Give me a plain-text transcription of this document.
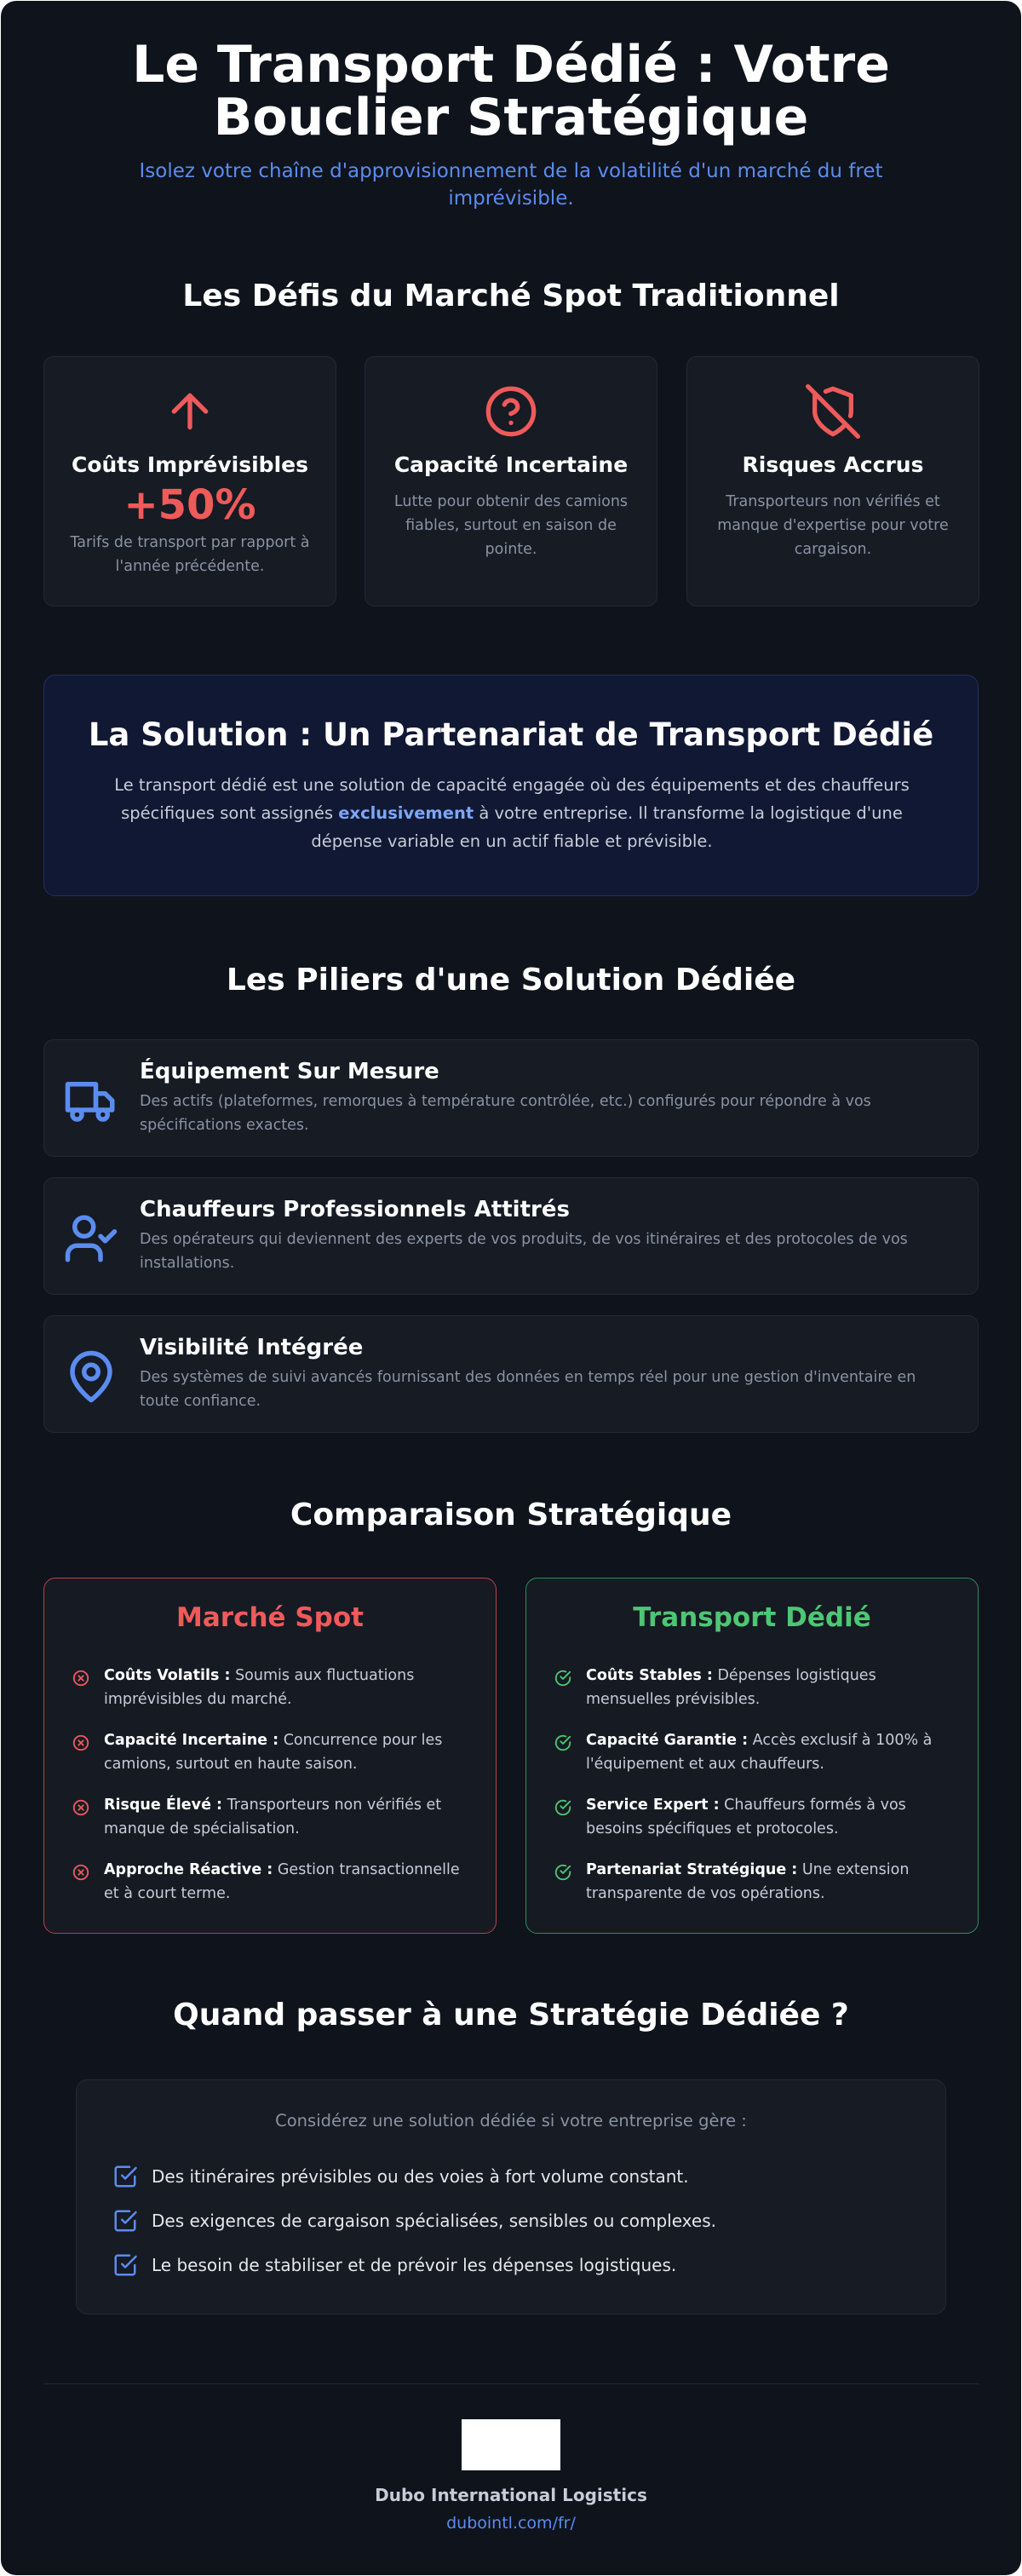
Le Transport Dédié : Votre
Bouclier Stratégique

Isolez votre chaîne d'approvisionnement de la volatilité d'un marché du fret imprévisible.

Les Défis du Marché Spot Traditionnel
Coûts Imprévisibles
+50%
Tarifs de transport par rapport à l'année précédente.
Capacité Incertaine
Lutte pour obtenir des camions fiables, surtout en saison de pointe.
Risques Accrus
Transporteurs non vérifiés et manque d'expertise pour votre cargaison.
La Solution : Un Partenariat de Transport Dédié

Le transport dédié est une solution de capacité engagée où des équipements et des chauffeurs spécifiques sont assignés exclusivement à votre entreprise. Il transforme la logistique d'une dépense variable en un actif fiable et prévisible.

Les Piliers d'une Solution Dédiée
Équipement Sur Mesure
Des actifs (plateformes, remorques à température contrôlée, etc.) configurés pour répondre à vos spécifications exactes.
Chauffeurs Professionnels Attitrés
Des opérateurs qui deviennent des experts de vos produits, de vos itinéraires et des protocoles de vos installations.
Visibilité Intégrée
Des systèmes de suivi avancés fournissant des données en temps réel pour une gestion d'inventaire en toute confiance.
Comparaison Stratégique
Marché Spot
Coûts Volatils : Soumis aux fluctuations imprévisibles du marché.
Capacité Incertaine : Concurrence pour les camions, surtout en haute saison.
Risque Élevé : Transporteurs non vérifiés et manque de spécialisation.
Approche Réactive : Gestion transactionnelle et à court terme.
Transport Dédié
Coûts Stables : Dépenses logistiques mensuelles prévisibles.
Capacité Garantie : Accès exclusif à 100% à l'équipement et aux chauffeurs.
Service Expert : Chauffeurs formés à vos besoins spécifiques et protocoles.
Partenariat Stratégique : Une extension transparente de vos opérations.
Quand passer à une Stratégie Dédiée ?
Considérez une solution dédiée si votre entreprise gère :
Des itinéraires prévisibles ou des voies à fort volume constant.
Des exigences de cargaison spécialisées, sensibles ou complexes.
Le besoin de stabiliser et de prévoir les dépenses logistiques.
Dubo International Logistics
dubointl.com/fr/
